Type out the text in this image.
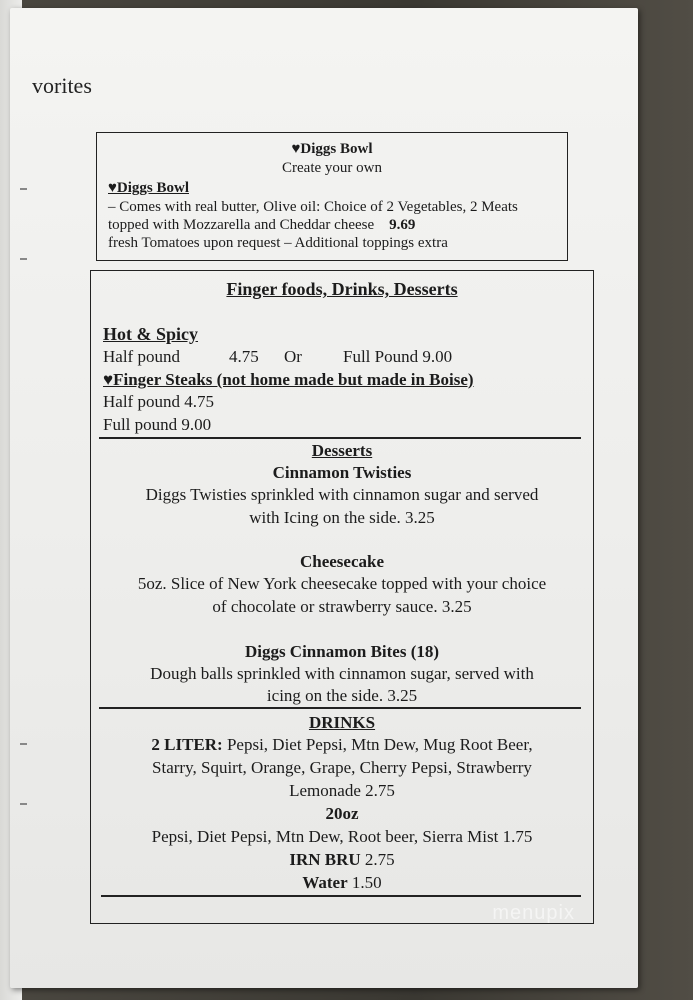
vorites
♥Diggs Bowl
Create your own
♥Diggs Bowl
– Comes with real butter, Olive oil: Choice of 2 Vegetables, 2 Meats
topped with Mozzarella and Cheddar cheese 9.69
fresh Tomatoes upon request – Additional toppings extra
Finger foods, Drinks, Desserts
Hot & Spicy
Half pound	4.75 Or Full Pound 9.00
♥Finger Steaks (not home made but made in Boise)
Half pound 4.75
Full pound 9.00
Desserts
Cinnamon Twisties
Diggs Twisties sprinkled with cinnamon sugar and served
with Icing on the side. 3.25
Cheesecake
5oz. Slice of New York cheesecake topped with your choice
of chocolate or strawberry sauce. 3.25
Diggs Cinnamon Bites (18)
Dough balls sprinkled with cinnamon sugar, served with
icing on the side. 3.25
DRINKS
2 LITER: Pepsi, Diet Pepsi, Mtn Dew, Mug Root Beer,
Starry, Squirt, Orange, Grape, Cherry Pepsi, Strawberry
Lemonade 2.75
20oz
Pepsi, Diet Pepsi, Mtn Dew, Root beer, Sierra Mist 1.75
IRN BRU 2.75
Water 1.50
menupix
